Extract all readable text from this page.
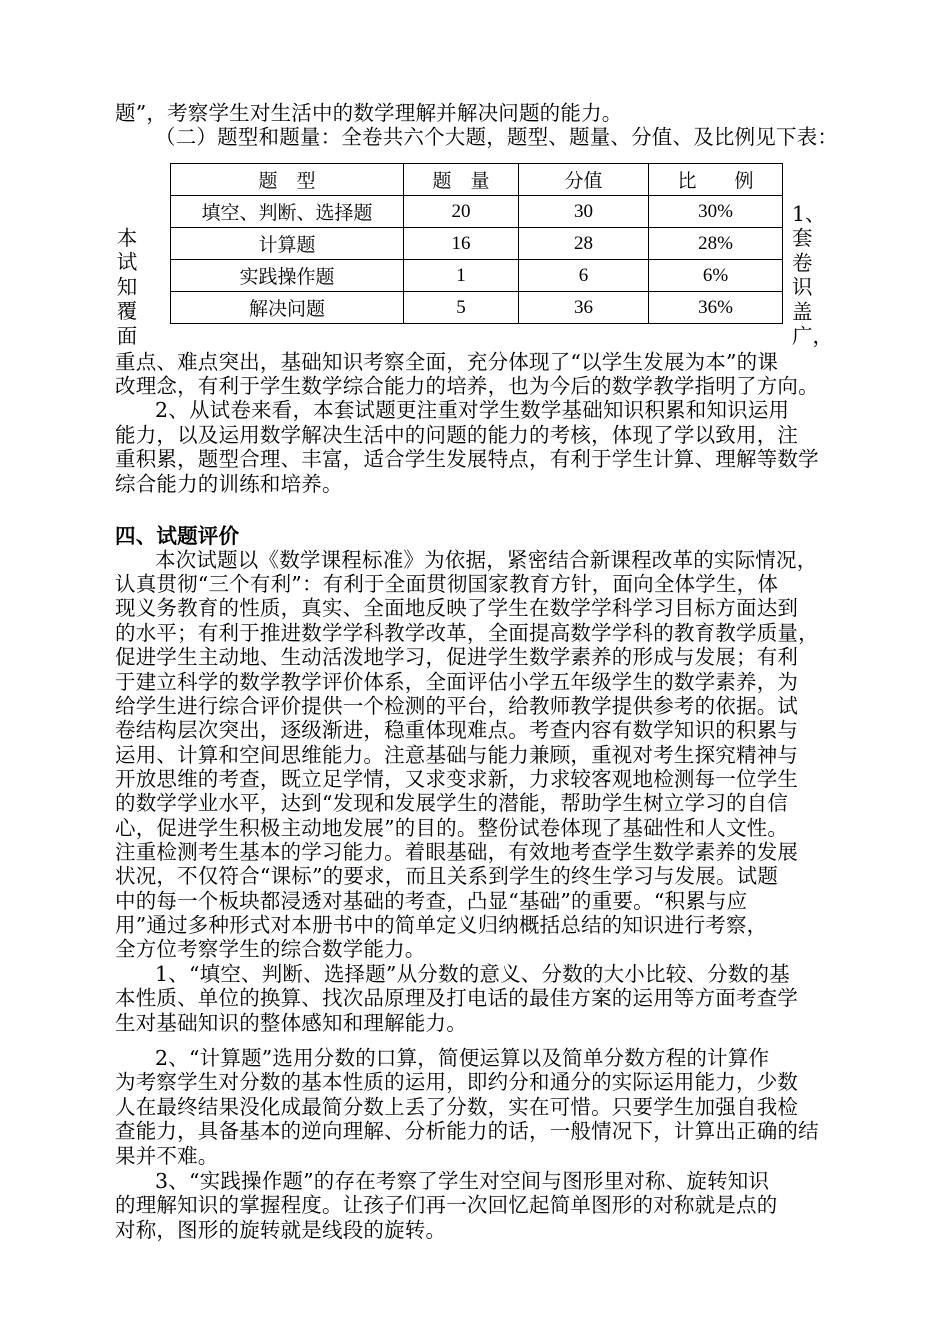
题”，考察学生对生活中的数学理解并解决问题的能力。
（二）题型和题量：全卷共六个大题，题型、题量、分值、及比例见下表：
题　型	题　量	分值	比　　例
填空、判断、选择题	20	30	30%
计算题	16	28	28%
实践操作题	1	6	6%
解决问题	5	36	36%
本
试
知
覆
面
1、
套
卷
识
盖
广，
重点、难点突出，基础知识考察全面，充分体现了“以学生发展为本”的课
改理念，有利于学生数学综合能力的培养，也为今后的数学教学指明了方向。
2、从试卷来看，本套试题更注重对学生数学基础知识积累和知识运用
能力，以及运用数学解决生活中的问题的能力的考核，体现了学以致用，注
重积累，题型合理、丰富，适合学生发展特点，有利于学生计算、理解等数学
综合能力的训练和培养。
四、试题评价
本次试题以《数学课程标准》为依据，紧密结合新课程改革的实际情况，
认真贯彻“三个有利”：有利于全面贯彻国家教育方针，面向全体学生，体
现义务教育的性质，真实、全面地反映了学生在数学学科学习目标方面达到
的水平；有利于推进数学学科教学改革，全面提高数学学科的教育教学质量，
促进学生主动地、生动活泼地学习，促进学生数学素养的形成与发展；有利
于建立科学的数学教学评价体系，全面评估小学五年级学生的数学素养，为
给学生进行综合评价提供一个检测的平台，给教师教学提供参考的依据。试
卷结构层次突出，逐级渐进，稳重体现难点。考查内容有数学知识的积累与
运用、计算和空间思维能力。注意基础与能力兼顾，重视对考生探究精神与
开放思维的考查，既立足学情，又求变求新，力求较客观地检测每一位学生
的数学学业水平，达到“发现和发展学生的潜能，帮助学生树立学习的自信
心，促进学生积极主动地发展”的目的。整份试卷体现了基础性和人文性。
注重检测考生基本的学习能力。着眼基础，有效地考查学生数学素养的发展
状况，不仅符合“课标”的要求，而且关系到学生的终生学习与发展。试题
中的每一个板块都浸透对基础的考查，凸显“基础”的重要。“积累与应
用”通过多种形式对本册书中的简单定义归纳概括总结的知识进行考察，
全方位考察学生的综合数学能力。
1、“填空、判断、选择题”从分数的意义、分数的大小比较、分数的基
本性质、单位的换算、找次品原理及打电话的最佳方案的运用等方面考查学
生对基础知识的整体感知和理解能力。
2、“计算题”选用分数的口算，简便运算以及简单分数方程的计算作
为考察学生对分数的基本性质的运用，即约分和通分的实际运用能力，少数
人在最终结果没化成最简分数上丢了分数，实在可惜。只要学生加强自我检
查能力，具备基本的逆向理解、分析能力的话，一般情况下，计算出正确的结
果并不难。
3、“实践操作题”的存在考察了学生对空间与图形里对称、旋转知识
的理解知识的掌握程度。让孩子们再一次回忆起简单图形的对称就是点的
对称，图形的旋转就是线段的旋转。
